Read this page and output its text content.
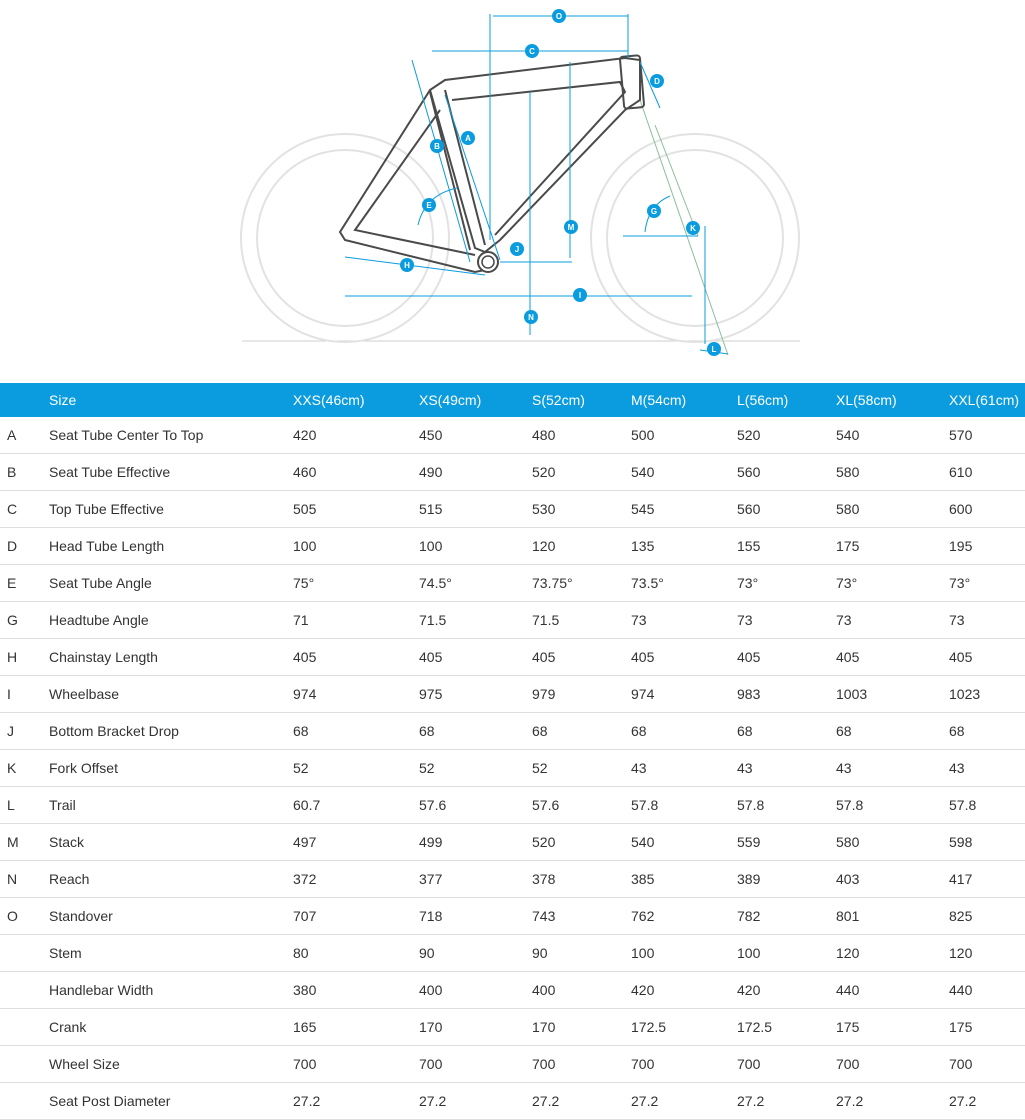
O
C
D
A
B
E
M
G
K
J
H
I
N
L
	Size	XXS(46cm)	XS(49cm)	S(52cm)	M(54cm)	L(56cm)	XL(58cm)	XXL(61cm)
A	Seat Tube Center To Top	420	450	480	500	520	540	570
B	Seat Tube Effective	460	490	520	540	560	580	610
C	Top Tube Effective	505	515	530	545	560	580	600
D	Head Tube Length	100	100	120	135	155	175	195
E	Seat Tube Angle	75°	74.5°	73.75°	73.5°	73°	73°	73°
G	Headtube Angle	71	71.5	71.5	73	73	73	73
H	Chainstay Length	405	405	405	405	405	405	405
I	Wheelbase	974	975	979	974	983	1003	1023
J	Bottom Bracket Drop	68	68	68	68	68	68	68
K	Fork Offset	52	52	52	43	43	43	43
L	Trail	60.7	57.6	57.6	57.8	57.8	57.8	57.8
M	Stack	497	499	520	540	559	580	598
N	Reach	372	377	378	385	389	403	417
O	Standover	707	718	743	762	782	801	825
	Stem	80	90	90	100	100	120	120
	Handlebar Width	380	400	400	420	420	440	440
	Crank	165	170	170	172.5	172.5	175	175
	Wheel Size	700	700	700	700	700	700	700
	Seat Post Diameter	27.2	27.2	27.2	27.2	27.2	27.2	27.2
